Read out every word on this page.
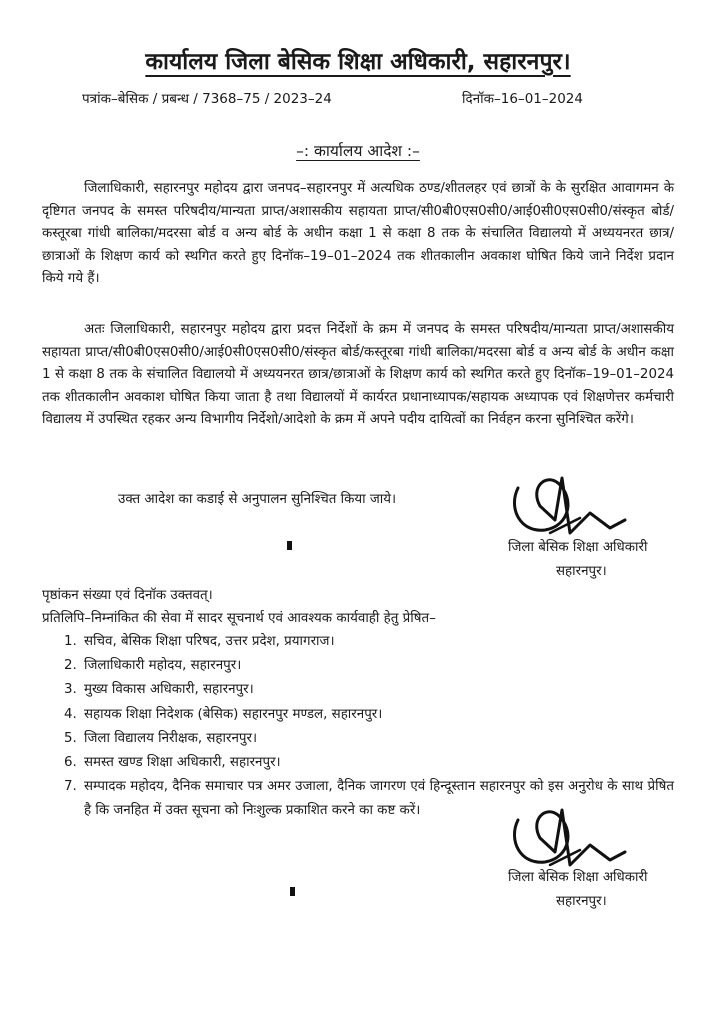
कार्यालय जिला बेसिक शिक्षा अधिकारी, सहारनपुर।
पत्रांक–बेसिक / प्रबन्ध / 7368–75 / 2023–24	दिनॉक–16–01–2024
–: कार्यालय आदेश :–

जिलाधिकारी, सहारनपुर महोदय द्वारा जनपद–सहारनपुर में अत्यधिक ठण्ड/शीतलहर एवं छात्रों के के सुरक्षित आवागमन के दृष्टिगत जनपद के समस्त परिषदीय/मान्यता प्राप्त/अशासकीय सहायता प्राप्त/सी0बी0एस0सी0/आई0सी0एस0सी0/संस्कृत बोर्ड/कस्तूरबा गांधी बालिका/मदरसा बोर्ड व अन्य बोर्ड के अधीन कक्षा 1 से कक्षा 8 तक के संचालित विद्यालयो में अध्ययनरत छात्र/छात्राओं के शिक्षण कार्य को स्थगित करते हुए दिनॉक–19–01–2024 तक शीतकालीन अवकाश घोषित किये जाने निर्देश प्रदान किये गये हैं।

अतः जिलाधिकारी, सहारनपुर महोदय द्वारा प्रदत्त निर्देशों के क्रम में जनपद के समस्त परिषदीय/मान्यता प्राप्त/अशासकीय सहायता प्राप्त/सी0बी0एस0सी0/आई0सी0एस0सी0/संस्कृत बोर्ड/कस्तूरबा गांधी बालिका/मदरसा बोर्ड व अन्य बोर्ड के अधीन कक्षा 1 से कक्षा 8 तक के संचालित विद्यालयो में अध्ययनरत छात्र/छात्राओं के शिक्षण कार्य को स्थगित करते हुए दिनॉक–19–01–2024 तक शीतकालीन अवकाश घोषित किया जाता है तथा विद्यालयों में कार्यरत प्रधानाध्यापक/सहायक अध्यापक एवं शिक्षणेत्तर कर्मचारी विद्यालय में उपस्थित रहकर अन्य विभागीय निर्देशो/आदेशो के क्रम में अपने पदीय दायित्वों का निर्वहन करना सुनिश्चित करेंगे।

उक्त आदेश का कडाई से अनुपालन सुनिश्चित किया जाये।
जिला बेसिक शिक्षा अधिकारी
सहारनपुर।
पृष्ठांकन संख्या एवं दिनॉक उक्तवत्।
प्रतिलिपि–निम्नांकित की सेवा में सादर सूचनार्थ एवं आवश्यक कार्यवाही हेतु प्रेषित–
1. सचिव, बेसिक शिक्षा परिषद, उत्तर प्रदेश, प्रयागराज।
2. जिलाधिकारी महोदय, सहारनपुर।
3. मुख्य विकास अधिकारी, सहारनपुर।
4. सहायक शिक्षा निदेशक (बेसिक) सहारनपुर मण्डल, सहारनपुर।
5. जिला विद्यालय निरीक्षक, सहारनपुर।
6. समस्त खण्ड शिक्षा अधिकारी, सहारनपुर।
7. सम्पादक महोदय, दैनिक समाचार पत्र अमर उजाला, दैनिक जागरण एवं हिन्दूस्तान सहारनपुर को इस अनुरोध के साथ प्रेषित है कि जनहित में उक्त सूचना को निःशुल्क प्रकाशित करने का कष्ट करें।
जिला बेसिक शिक्षा अधिकारी
सहारनपुर।
